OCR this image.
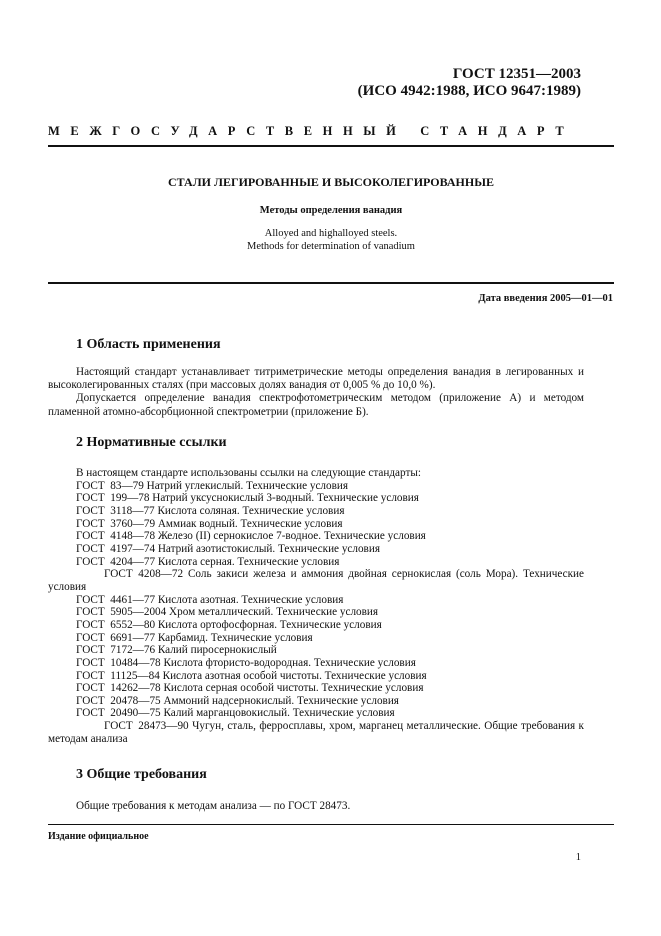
ГОСТ 12351—2003
(ИСО 4942:1988, ИСО 9647:1989)
МЕЖГОСУДАРСТВЕННЫЙ СТАНДАРТ
СТАЛИ ЛЕГИРОВАННЫЕ И ВЫСОКОЛЕГИРОВАННЫЕ
Методы определения ванадия
Alloyed and highalloyed steels.
Methods for determination of vanadium
Дата введения 2005—01—01
1 Область применения

Настоящий стандарт устанавливает титриметрические методы определения ванадия в легированных и высоколегированных сталях (при массовых долях ванадия от 0,005 % до 10,0 %).

Допускается определение ванадия спектрофотометрическим методом (приложение А) и методом пламенной атомно-абсорбционной спектрометрии (приложение Б).

2 Нормативные ссылки
В настоящем стандарте использованы ссылки на следующие стандарты:
ГОСТ  83—79 Натрий углекислый. Технические условия
ГОСТ  199—78 Натрий уксуснокислый 3-водный. Технические условия
ГОСТ  3118—77 Кислота соляная. Технические условия
ГОСТ  3760—79 Аммиак водный. Технические условия
ГОСТ  4148—78 Железо (II) сернокислое 7-водное. Технические условия
ГОСТ  4197—74 Натрий азотистокислый. Технические условия
ГОСТ  4204—77 Кислота серная. Технические условия
ГОСТ  4208—72 Соль закиси железа и аммония двойная сернокислая (соль Мора). Технические условия
ГОСТ  4461—77 Кислота азотная. Технические условия
ГОСТ  5905—2004 Хром металлический. Технические условия
ГОСТ  6552—80 Кислота ортофосфорная. Технические условия
ГОСТ  6691—77 Карбамид. Технические условия
ГОСТ  7172—76 Калий пиросернокислый
ГОСТ  10484—78 Кислота фтористо-водородная. Технические условия
ГОСТ  11125—84 Кислота азотная особой чистоты. Технические условия
ГОСТ  14262—78 Кислота серная особой чистоты. Технические условия
ГОСТ  20478—75 Аммоний надсернокислый. Технические условия
ГОСТ  20490—75 Калий марганцовокислый. Технические условия
ГОСТ  28473—90 Чугун, сталь, ферросплавы, хром, марганец металлические. Общие требования к методам анализа
3 Общие требования

Общие требования к методам анализа — по ГОСТ 28473.

Издание официальное
1
